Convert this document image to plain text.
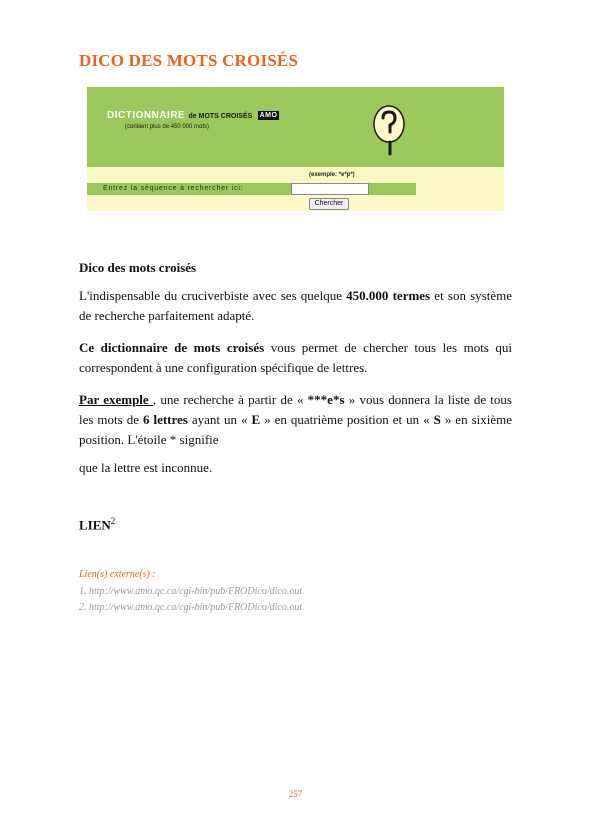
DICO DES MOTS CROISÉS
DICTIONNAIRE de MOTS CROISÉS AMO
(contient plus de 450 000 mots)
(exemple: *e*p*)
Entrez la séquence à rechercher ici:
Chercher

Dico des mots croisés

L'indispensable du cruciverbiste avec ses quelque 450.000 termes et son système de recherche parfaitement adapté.

Ce dictionnaire de mots croisés vous permet de chercher tous les mots qui correspondent à une configuration spécifique de lettres.

Par exemple , une recherche à partir de « ***e*s » vous donnera la liste de tous les mots de 6 lettres ayant un « E » en quatrième position et un « S » en sixième position. L'étoile * signifie

que la lettre est inconnue.

LIEN$^2$

Lien(s) externe(s) :

1. http://www.amo.qc.ca/cgi-bin/pub/FRODico/dico.out

2. http://www.amo.qc.ca/cgi-bin/pub/FRODico/dico.out

257
